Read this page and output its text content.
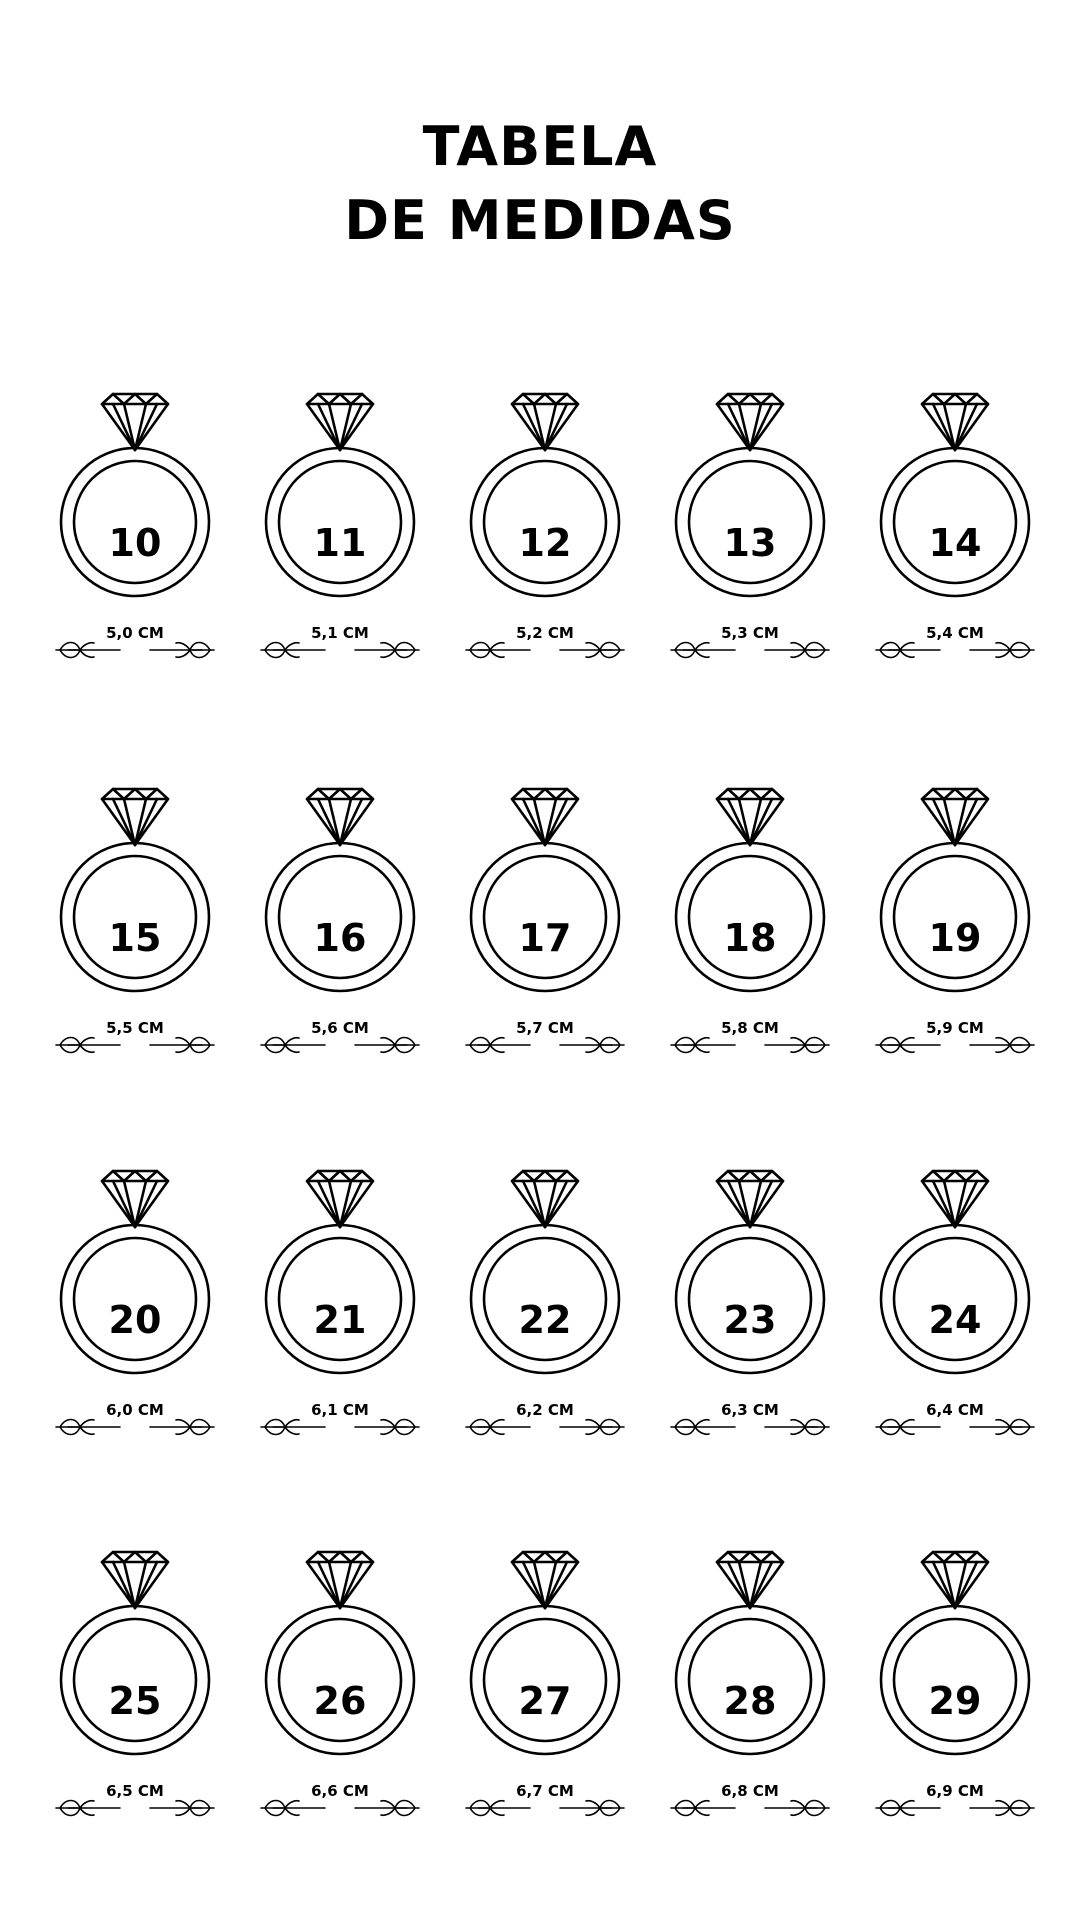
TABELA
DE MEDIDAS
10
5,0 CM
11
5,1 CM
12
5,2 CM
13
5,3 CM
14
5,4 CM
15
5,5 CM
16
5,6 CM
17
5,7 CM
18
5,8 CM
19
5,9 CM
20
6,0 CM
21
6,1 CM
22
6,2 CM
23
6,3 CM
24
6,4 CM
25
6,5 CM
26
6,6 CM
27
6,7 CM
28
6,8 CM
29
6,9 CM
